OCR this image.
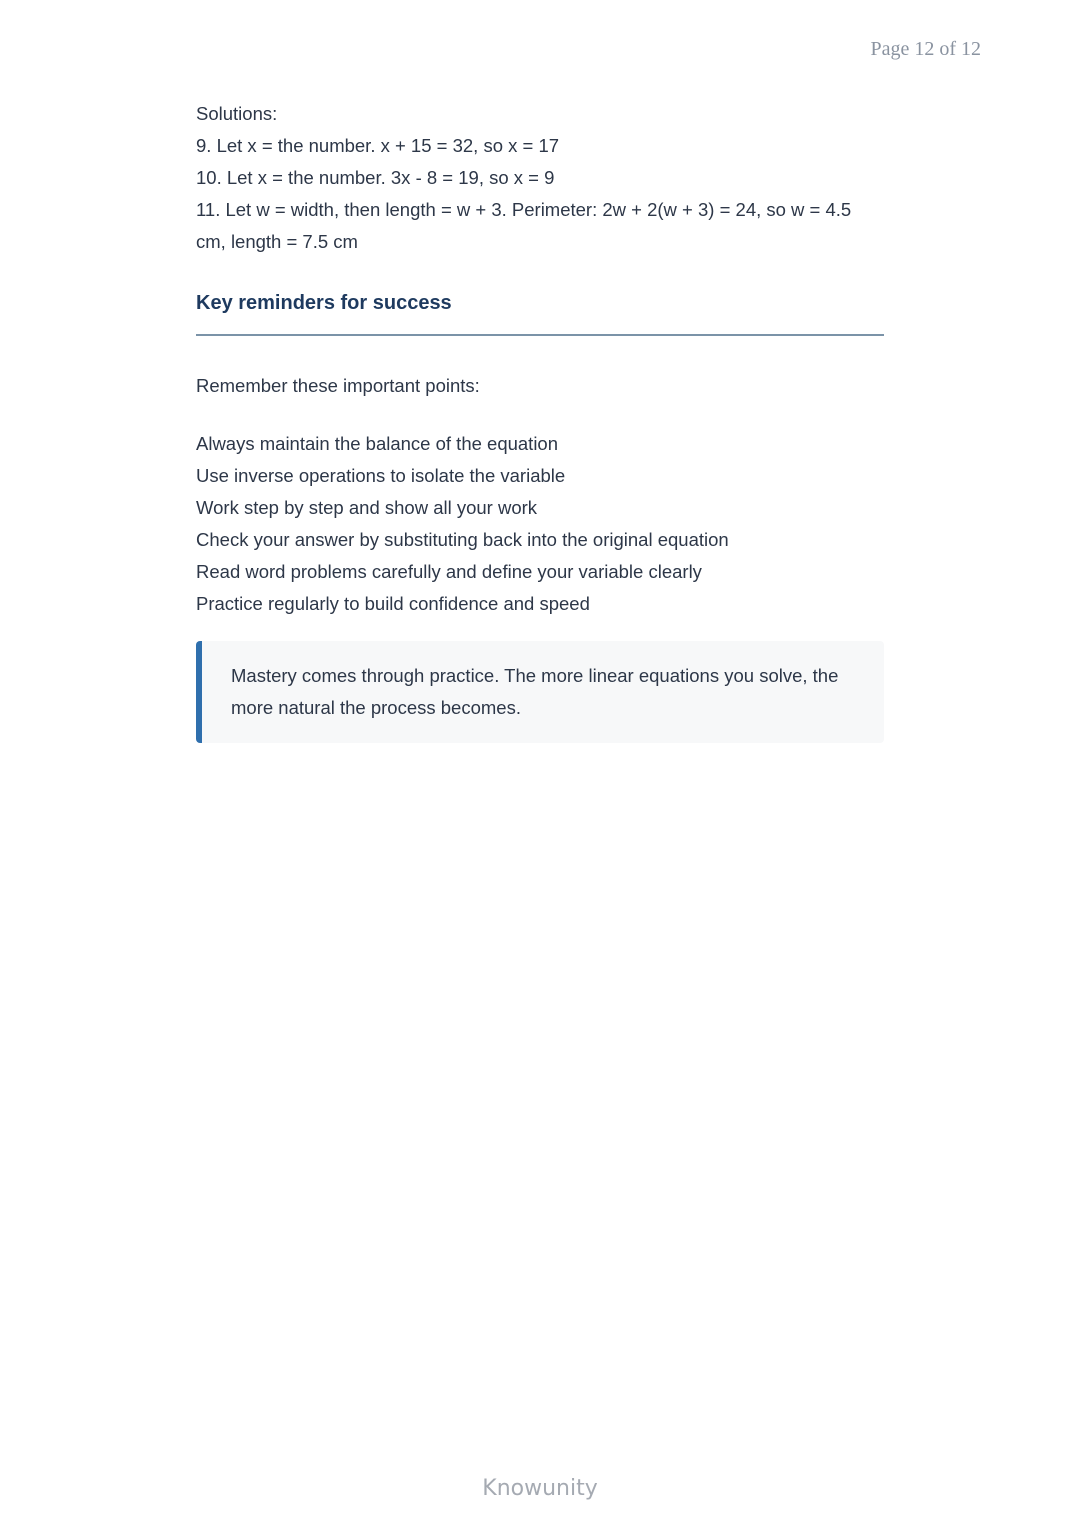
Page 12 of 12
Solutions:
9. Let x = the number. x + 15 = 32, so x = 17
10. Let x = the number. 3x - 8 = 19, so x = 9
11. Let w = width, then length = w + 3. Perimeter: 2w + 2(w + 3) = 24, so w = 4.5 cm, length = 7.5 cm
Key reminders for success
Remember these important points:
Always maintain the balance of the equation
Use inverse operations to isolate the variable
Work step by step and show all your work
Check your answer by substituting back into the original equation
Read word problems carefully and define your variable clearly
Practice regularly to build confidence and speed
Mastery comes through practice. The more linear equations you solve, the more natural the process becomes.
Knowunity
